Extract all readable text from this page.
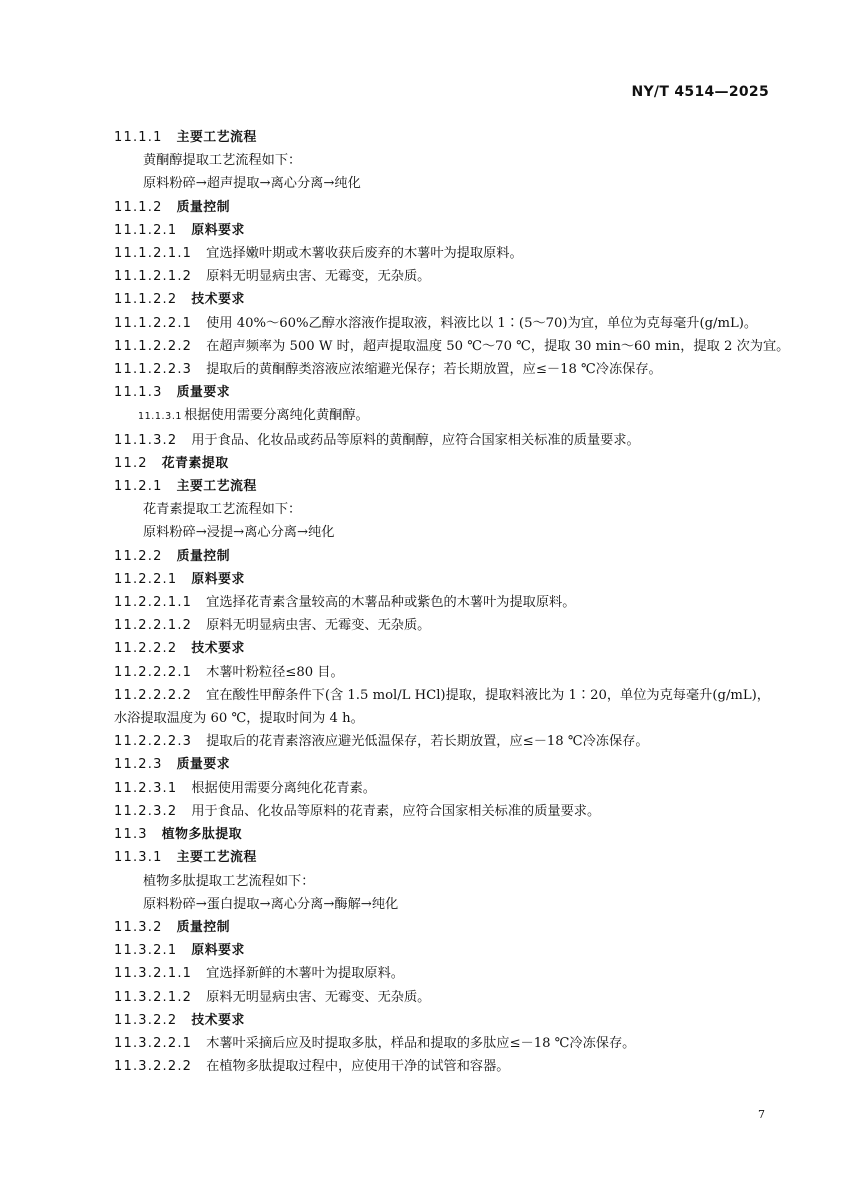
NY/T 4514—2025
11.1.1 主要工艺流程
黄酮醇提取工艺流程如下：
原料粉碎→超声提取→离心分离→纯化
11.1.2 质量控制
11.1.2.1 原料要求
11.1.2.1.1 宜选择嫩叶期或木薯收获后废弃的木薯叶为提取原料。
11.1.2.1.2 原料无明显病虫害、无霉变，无杂质。
11.1.2.2 技术要求
11.1.2.2.1 使用 40%～60%乙醇水溶液作提取液，料液比以 1∶(5～70)为宜，单位为克每毫升(g/mL)。
11.1.2.2.2 在超声频率为 500 W 时，超声提取温度 50 ℃～70 ℃，提取 30 min～60 min，提取 2 次为宜。
11.1.2.2.3 提取后的黄酮醇类溶液应浓缩避光保存；若长期放置，应≤－18 ℃冷冻保存。
11.1.3 质量要求
11.1.3.1 根据使用需要分离纯化黄酮醇。
11.1.3.2 用于食品、化妆品或药品等原料的黄酮醇，应符合国家相关标准的质量要求。
11.2 花青素提取
11.2.1 主要工艺流程
花青素提取工艺流程如下：
原料粉碎→浸提→离心分离→纯化
11.2.2 质量控制
11.2.2.1 原料要求
11.2.2.1.1 宜选择花青素含量较高的木薯品种或紫色的木薯叶为提取原料。
11.2.2.1.2 原料无明显病虫害、无霉变、无杂质。
11.2.2.2 技术要求
11.2.2.2.1 木薯叶粉粒径≤80 目。
11.2.2.2.2 宜在酸性甲醇条件下(含 1.5 mol/L HCl)提取，提取料液比为 1∶20，单位为克每毫升(g/mL)，水浴提取温度为 60 ℃，提取时间为 4 h。
11.2.2.2.3 提取后的花青素溶液应避光低温保存，若长期放置，应≤－18 ℃冷冻保存。
11.2.3 质量要求
11.2.3.1 根据使用需要分离纯化花青素。
11.2.3.2 用于食品、化妆品等原料的花青素，应符合国家相关标准的质量要求。
11.3 植物多肽提取
11.3.1 主要工艺流程
植物多肽提取工艺流程如下：
原料粉碎→蛋白提取→离心分离→酶解→纯化
11.3.2 质量控制
11.3.2.1 原料要求
11.3.2.1.1 宜选择新鲜的木薯叶为提取原料。
11.3.2.1.2 原料无明显病虫害、无霉变、无杂质。
11.3.2.2 技术要求
11.3.2.2.1 木薯叶采摘后应及时提取多肽，样品和提取的多肽应≤－18 ℃冷冻保存。
11.3.2.2.2 在植物多肽提取过程中，应使用干净的试管和容器。
7
